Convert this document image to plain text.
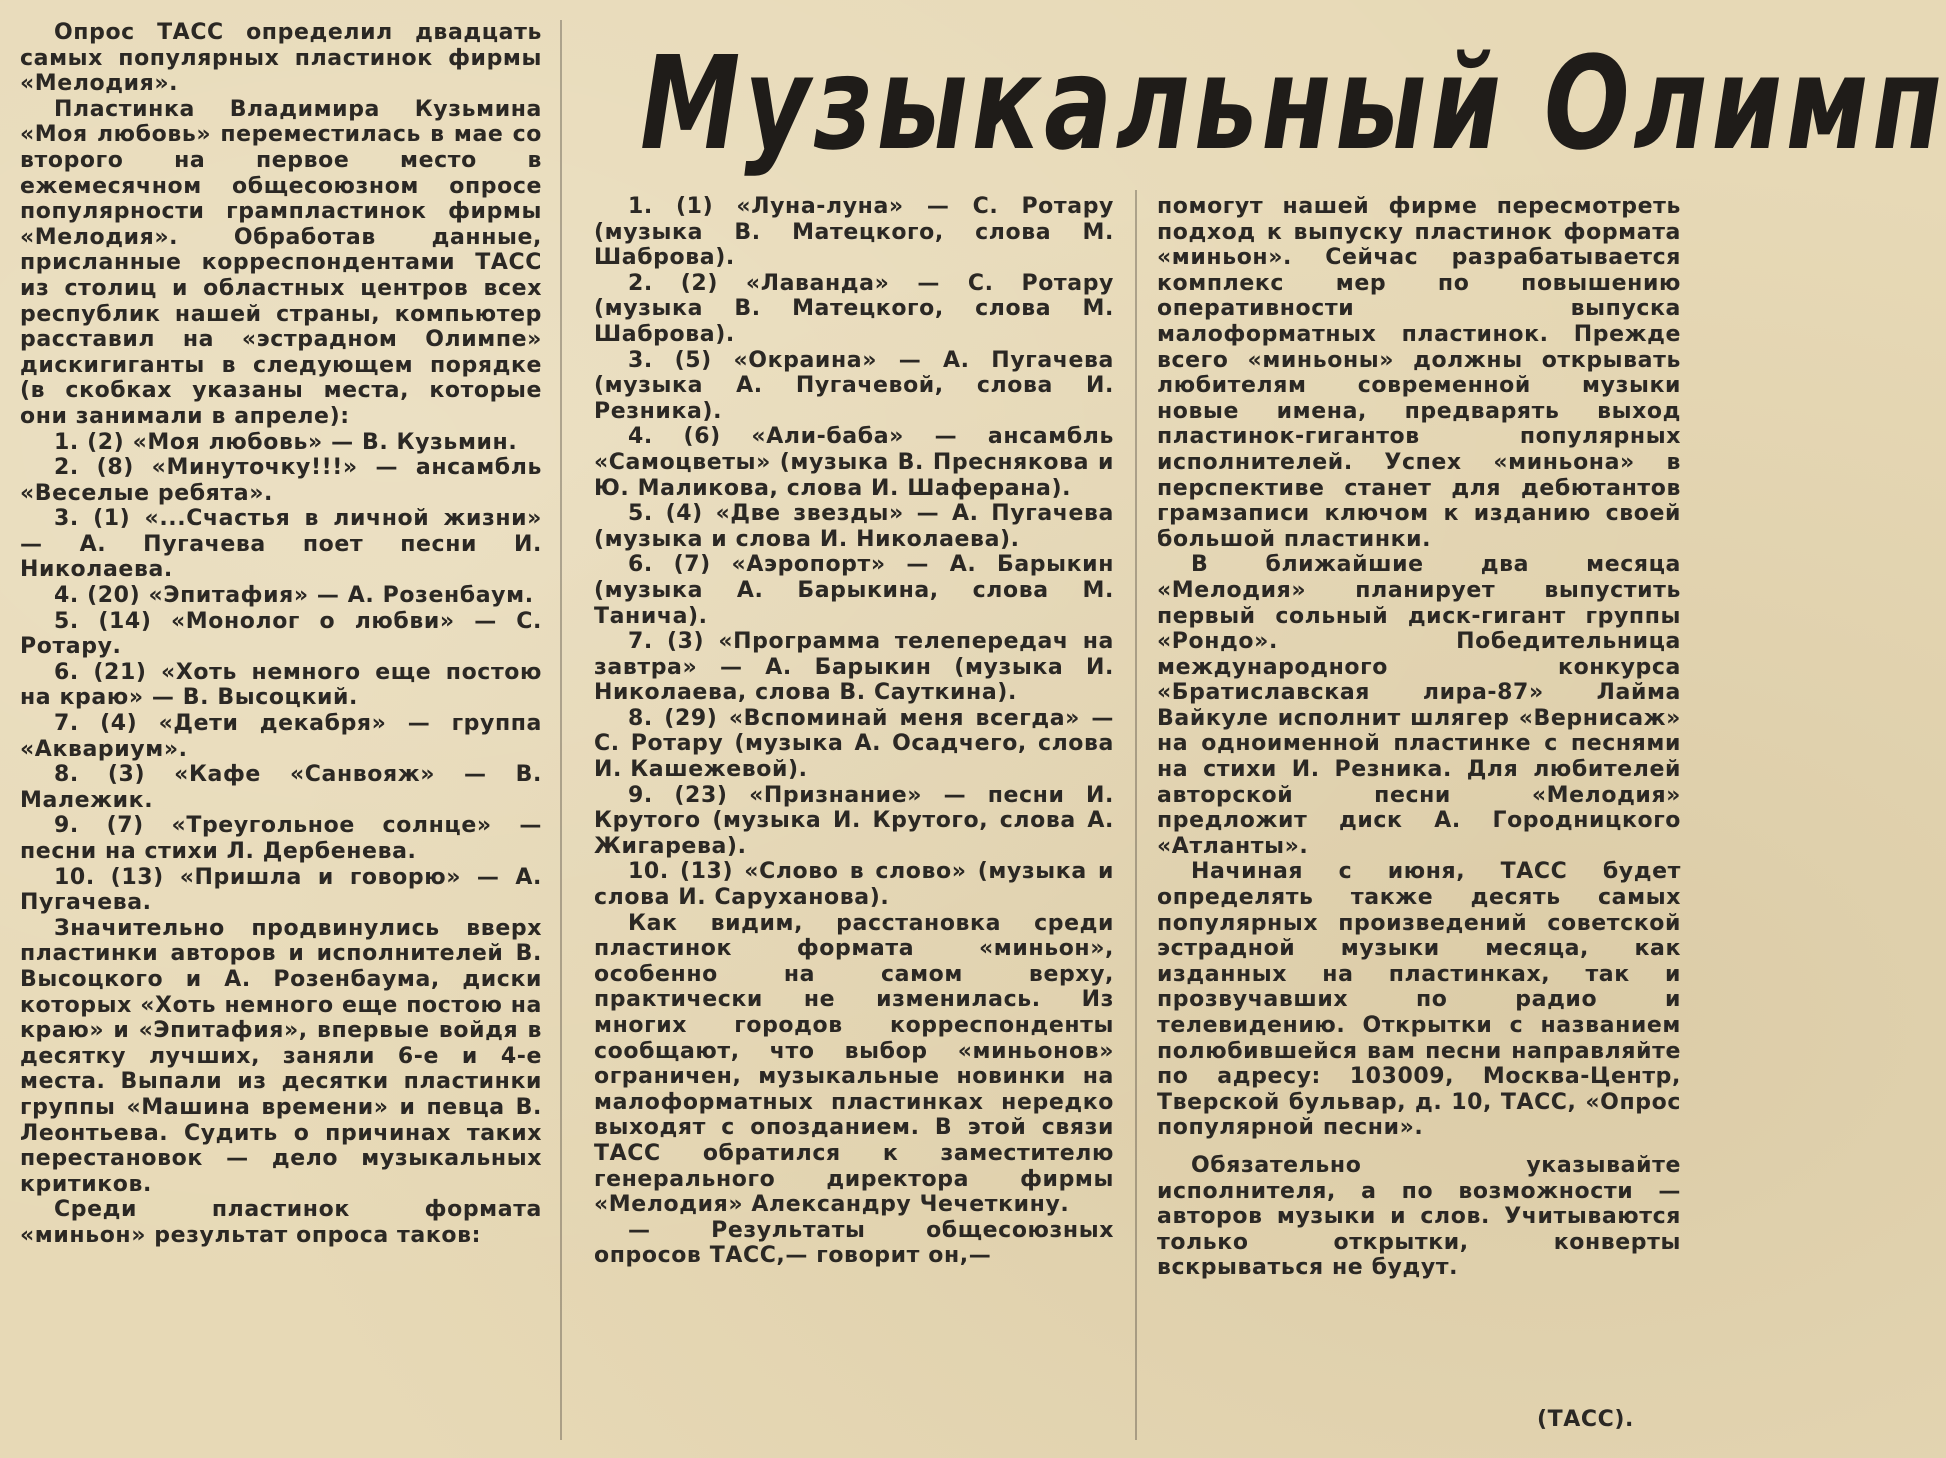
Музыкальный Олимп

Опрос ТАСС определил двадцать самых популярных пластинок фирмы «Мелодия».

Пластинка Владимира Кузьмина «Моя любовь» переместилась в мае со второго на первое место в ежемесячном общесоюзном опросе популярности грампластинок фирмы «Мелодия». Обработав данные, присланные корреспондентами ТАСС из столиц и областных центров всех республик нашей страны, компьютер расставил на «эстрадном Олимпе» дискигиганты в следующем порядке (в скобках указаны места, которые они занимали в апреле):

1. (2) «Моя любовь» — В. Кузьмин.

2. (8) «Минуточку!!!» — ансамбль «Веселые ребята».

3. (1) «...Счастья в личной жизни» — А. Пугачева поет песни И. Николаева.

4. (20) «Эпитафия» — А. Розенбаум.

5. (14) «Монолог о любви» — С. Ротару.

6. (21) «Хоть немного еще постою на краю» — В. Высоцкий.

7. (4) «Дети декабря» — группа «Аквариум».

8. (3) «Кафе «Санвояж» — В. Малежик.

9. (7) «Треугольное солнце» — песни на стихи Л. Дербенева.

10. (13) «Пришла и говорю» — А. Пугачева.

Значительно продвинулись вверх пластинки авторов и исполнителей В. Высоцкого и А. Розенбаума, диски которых «Хоть немного еще постою на краю» и «Эпитафия», впервые войдя в десятку лучших, заняли 6-е и 4-е места. Выпали из десятки пластинки группы «Машина времени» и певца В. Леонтьева. Судить о причинах таких перестановок — дело музыкальных критиков.

Среди пластинок формата «миньон» результат опроса таков:

1. (1) «Луна-луна» — С. Ротару (музыка В. Матецкого, слова М. Шаброва).

2. (2) «Лаванда» — С. Ротару (музыка В. Матецкого, слова М. Шаброва).

3. (5) «Окраина» — А. Пугачева (музыка А. Пугачевой, слова И. Резника).

4. (6) «Али-баба» — ансамбль «Самоцветы» (музыка В. Преснякова и Ю. Маликова, слова И. Шаферана).

5. (4) «Две звезды» — А. Пугачева (музыка и слова И. Николаева).

6. (7) «Аэропорт» — А. Барыкин (музыка А. Барыкина, слова М. Танича).

7. (3) «Программа телепередач на завтра» — А. Барыкин (музыка И. Николаева, слова В. Сауткина).

8. (29) «Вспоминай меня всегда» — С. Ротару (музыка А. Осадчего, слова И. Кашежевой).

9. (23) «Признание» — песни И. Крутого (музыка И. Крутого, слова А. Жигарева).

10. (13) «Слово в слово» (музыка и слова И. Саруханова).

Как видим, расстановка среди пластинок формата «миньон», особенно на самом верху, практически не изменилась. Из многих городов корреспонденты сообщают, что выбор «миньонов» ограничен, музыкальные новинки на малоформатных пластинках нередко выходят с опозданием. В этой связи ТАСС обратился к заместителю генерального директора фирмы «Мелодия» Александру Чечеткину.

— Результаты общесоюзных опросов ТАСС,— говорит он,—

помогут нашей фирме пересмотреть подход к выпуску пластинок формата «миньон». Сейчас разрабатывается комплекс мер по повышению оперативности выпуска малоформатных пластинок. Прежде всего «миньоны» должны открывать любителям современной музыки новые имена, предварять выход пластинок-гигантов популярных исполнителей. Успех «миньона» в перспективе станет для дебютантов грамзаписи ключом к изданию своей большой пластинки.

В ближайшие два месяца «Мелодия» планирует выпустить первый сольный диск-гигант группы «Рондо». Победительница международного конкурса «Братиславская лира-87» Лайма Вайкуле исполнит шлягер «Вернисаж» на одноименной пластинке с песнями на стихи И. Резника. Для любителей авторской песни «Мелодия» предложит диск А. Городницкого «Атланты».

Начиная с июня, ТАСС будет определять также десять самых популярных произведений советской эстрадной музыки месяца, как изданных на пластинках, так и прозвучавших по радио и телевидению. Открытки с названием полюбившейся вам песни направляйте по адресу: 103009, Москва-Центр, Тверской бульвар, д. 10, ТАСС, «Опрос популярной песни».

Обязательно указывайте исполнителя, а по возможности — авторов музыки и слов. Учитываются только открытки, конверты вскрываться не будут.

(ТАСС).
